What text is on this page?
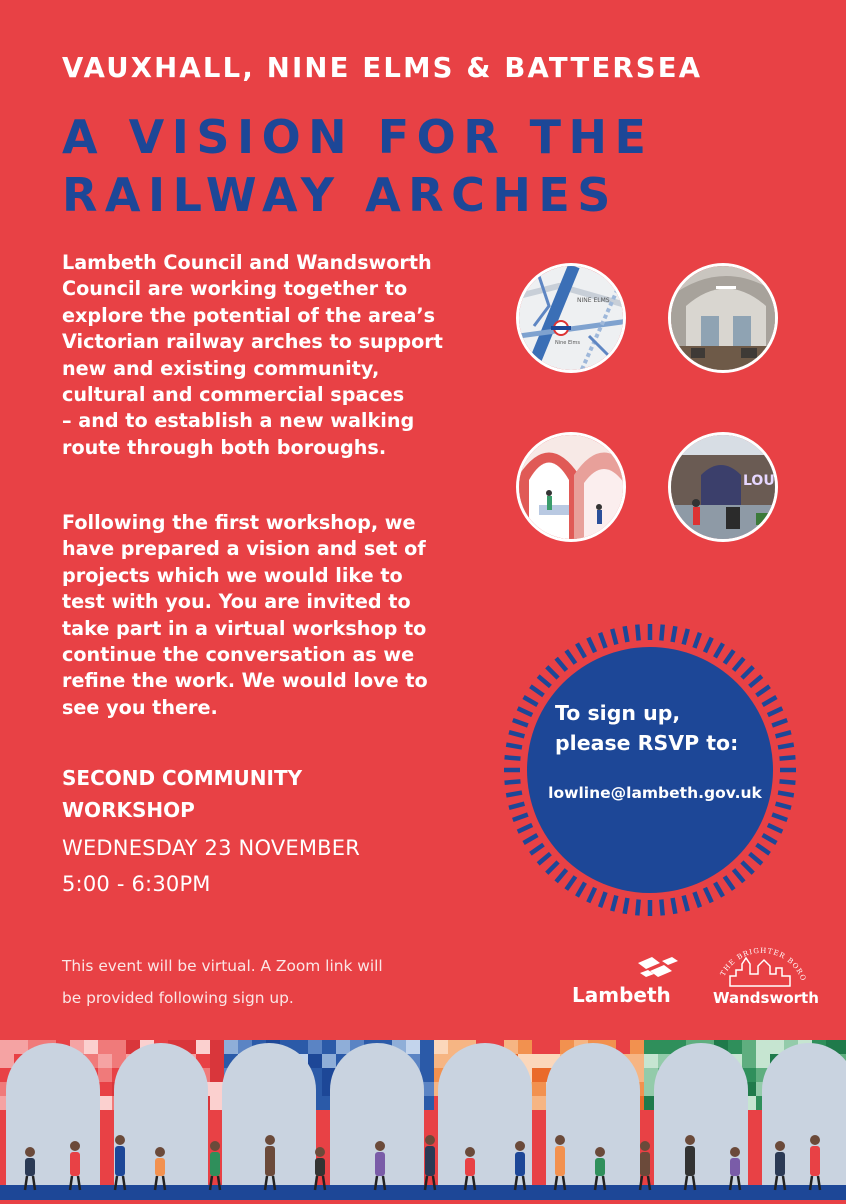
VAUXHALL, NINE ELMS & BATTERSEA
A VISION FOR THE
RAILWAY ARCHES

Lambeth Council and Wandsworth
Council are working together to
explore the potential of the area’s
Victorian railway arches to support
new and existing community,
cultural and commercial spaces
– and to establish a new walking
route through both boroughs.

Following the first workshop, we
have prepared a vision and set of
projects which we would like to
test with you. You are invited to
take part in a virtual workshop to
continue the conversation as we
refine the work. We would love to
see you there.

SECOND COMMUNITY
WORKSHOP
WEDNESDAY 23 NOVEMBER
5:00 - 6:30PM
This event will be virtual. A Zoom link will
be provided following sign up.
NINE ELMS
Nine Elms
LOU
To sign up,
please RSVP to:
lowline@lambeth.gov.uk
Lambeth
THE BRIGHTER BORO
Wandsworth
